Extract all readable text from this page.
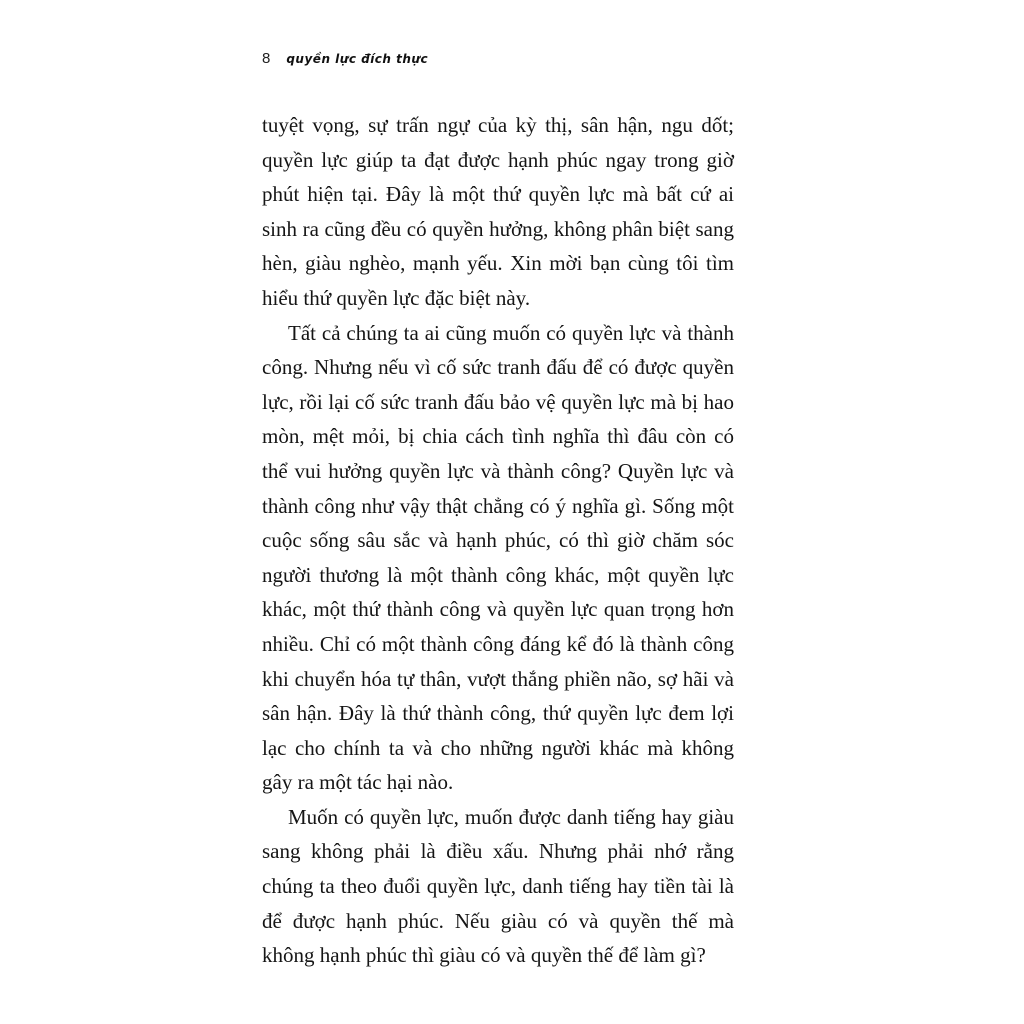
8 quyền lực đích thực

tuyệt vọng, sự trấn ngự của kỳ thị, sân hận, ngu dốt; quyền lực giúp ta đạt được hạnh phúc ngay trong giờ phút hiện tại. Đây là một thứ quyền lực mà bất cứ ai sinh ra cũng đều có quyền hưởng, không phân biệt sang hèn, giàu nghèo, mạnh yếu. Xin mời bạn cùng tôi tìm hiểu thứ quyền lực đặc biệt này.

Tất cả chúng ta ai cũng muốn có quyền lực và thành công. Nhưng nếu vì cố sức tranh đấu để có được quyền lực, rồi lại cố sức tranh đấu bảo vệ quyền lực mà bị hao mòn, mệt mỏi, bị chia cách tình nghĩa thì đâu còn có thể vui hưởng quyền lực và thành công? Quyền lực và thành công như vậy thật chẳng có ý nghĩa gì. Sống một cuộc sống sâu sắc và hạnh phúc, có thì giờ chăm sóc người thương là một thành công khác, một quyền lực khác, một thứ thành công và quyền lực quan trọng hơn nhiều. Chỉ có một thành công đáng kể đó là thành công khi chuyển hóa tự thân, vượt thắng phiền não, sợ hãi và sân hận. Đây là thứ thành công, thứ quyền lực đem lợi lạc cho chính ta và cho những người khác mà không gây ra một tác hại nào.

Muốn có quyền lực, muốn được danh tiếng hay giàu sang không phải là điều xấu. Nhưng phải nhớ rằng chúng ta theo đuổi quyền lực, danh tiếng hay tiền tài là để được hạnh phúc. Nếu giàu có và quyền thế mà không hạnh phúc thì giàu có và quyền thế để làm gì?
